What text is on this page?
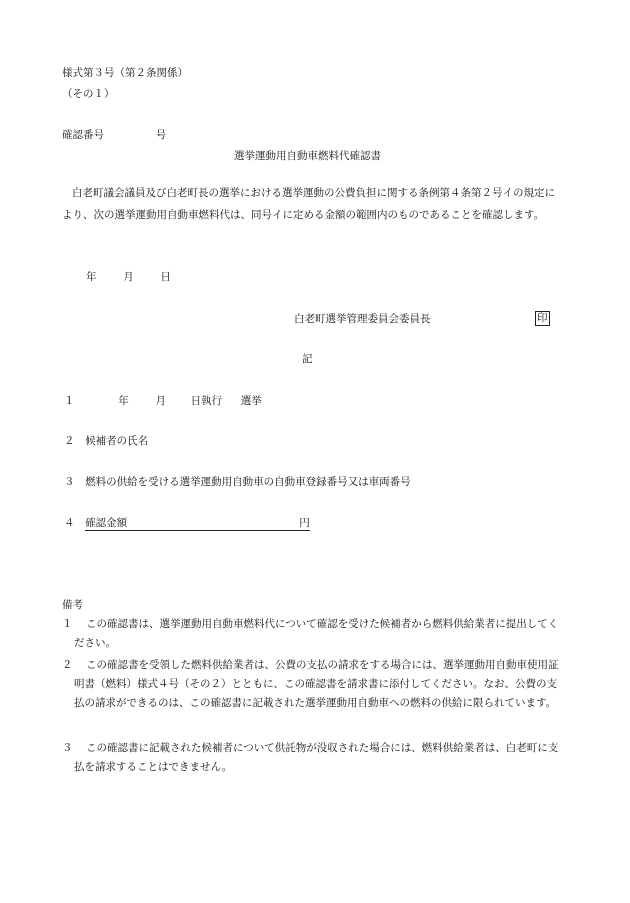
様式第３号（第２条関係）
（その１）
確認番号	号
選挙運動用自動車燃料代確認書
白老町議会議員及び白老町長の選挙における選挙運動の公費負担に関する条例第４条第２号イの規定により、次の選挙運動用自動車燃料代は、同号イに定める金額の範囲内のものであることを確認します。
年	月	日
白老町選挙管理委員会委員長	印
記
１	年	月 日執行 選挙
２ 候補者の氏名
３ 燃料の供給を受ける選挙運動用自動車の自動車登録番号又は車両番号
４ 確認金額	円
備考
１	この確認書は、選挙運動用自動車燃料代について確認を受けた候補者から燃料供給業者に提出してください。
２	この確認書を受領した燃料供給業者は、公費の支払の請求をする場合には、選挙運動用自動車使用証明書（燃料）様式４号（その２）とともに、この確認書を請求書に添付してください。なお、公費の支払の請求ができるのは、この確認書に記載された選挙運動用自動車への燃料の供給に限られています。
３	この確認書に記載された候補者について供託物が没収された場合には、燃料供給業者は、白老町に支払を請求することはできません。
